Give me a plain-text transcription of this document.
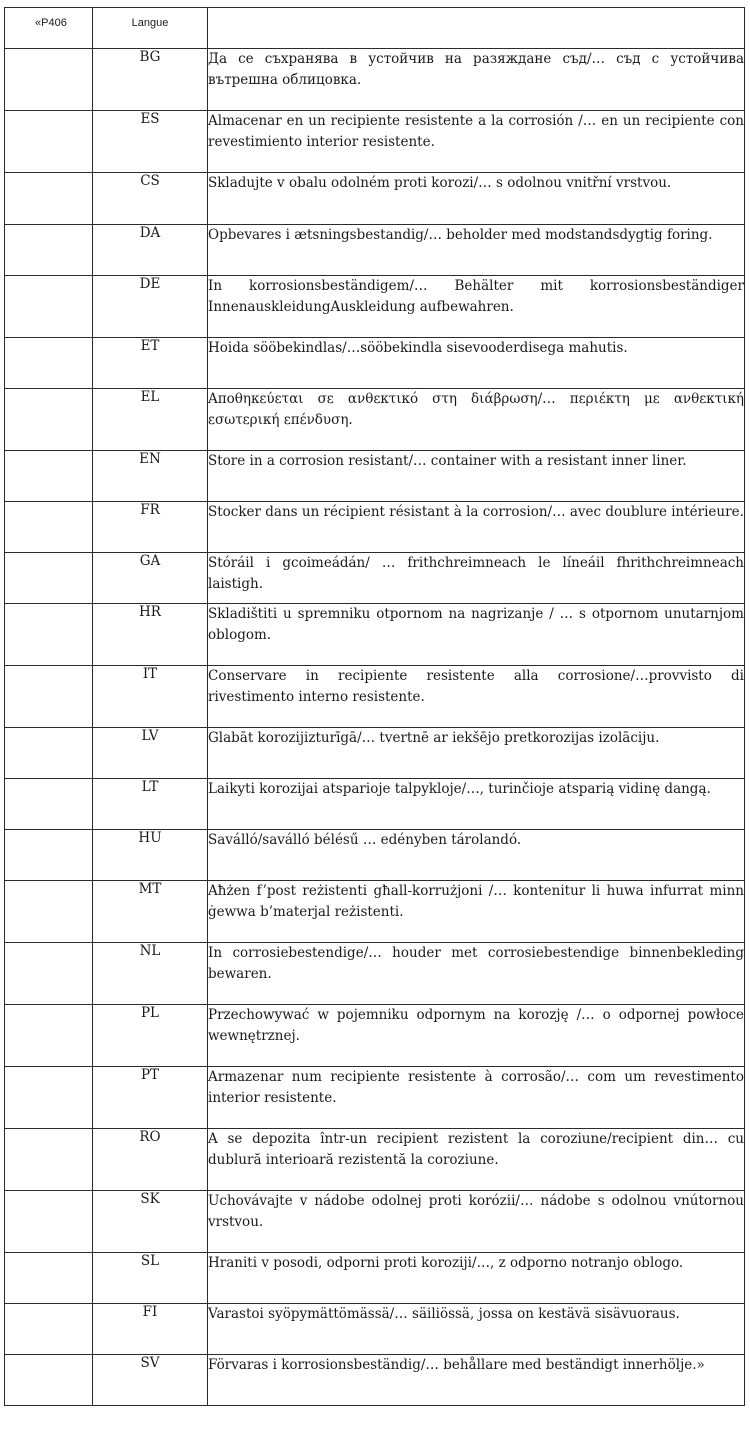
«P406	Langue	
	BG	Да се съхранява в устойчив на разяждане съд/… съд с устойчива вътрешна облицовка.
	ES	Almacenar en un recipiente resistente a la corrosión /… en un recipiente con revestimiento interior resistente.
	CS	Skladujte v obalu odolném proti korozi/… s odolnou vnitřní vrstvou.
	DA	Opbevares i ætsningsbestandig/… beholder med modstandsdygtig foring.
	DE	In korrosionsbeständigem/… Behälter mit korrosionsbeständiger InnenauskleidungAuskleidung aufbewahren.
	ET	Hoida sööbekindlas/…sööbekindla sisevooderdisega mahutis.
	EL	Αποθηκεύεται σε ανθεκτικό στη διάβρωση/… περιέκτη με ανθεκτική εσωτερική επένδυση.
	EN	Store in a corrosion resistant/… container with a resistant inner liner.
	FR	Stocker dans un récipient résistant à la corrosion/… avec doublure intérieure.
	GA	Stóráil i gcoimeádán/ … frithchreimneach le líneáil fhrithchreimneach laistigh.
	HR	Skladištiti u spremniku otpornom na nagrizanje / … s otpornom unutarnjom oblogom.
	IT	Conservare in recipiente resistente alla corrosione/…provvisto di rivestimento interno resistente.
	LV	Glabāt korozijizturīgā/… tvertnē ar iekšējo pretkorozijas izolāciju.
	LT	Laikyti korozijai atsparioje talpykloje/…, turinčioje atsparią vidinę dangą.
	HU	Saválló/saválló bélésű … edényben tárolandó.
	MT	Aħżen f’post reżistenti għall-korrużjoni /… kontenitur li huwa infurrat minn ġewwa b’materjal reżistenti.
	NL	In corrosiebestendige/… houder met corrosiebestendige binnenbekleding bewaren.
	PL	Przechowywać w pojemniku odpornym na korozję /… o odpornej powłoce wewnętrznej.
	PT	Armazenar num recipiente resistente à corrosão/… com um revestimento interior resistente.
	RO	A se depozita într-un recipient rezistent la coroziune/recipient din… cu dublură interioară rezistentă la coroziune.
	SK	Uchovávajte v nádobe odolnej proti korózii/… nádobe s odolnou vnútornou vrstvou.
	SL	Hraniti v posodi, odporni proti koroziji/…, z odporno notranjo oblogo.
	FI	Varastoi syöpymättömässä/… säiliössä, jossa on kestävä sisävuoraus.
	SV	Förvaras i korrosionsbeständig/… behållare med beständigt innerhölje.»
